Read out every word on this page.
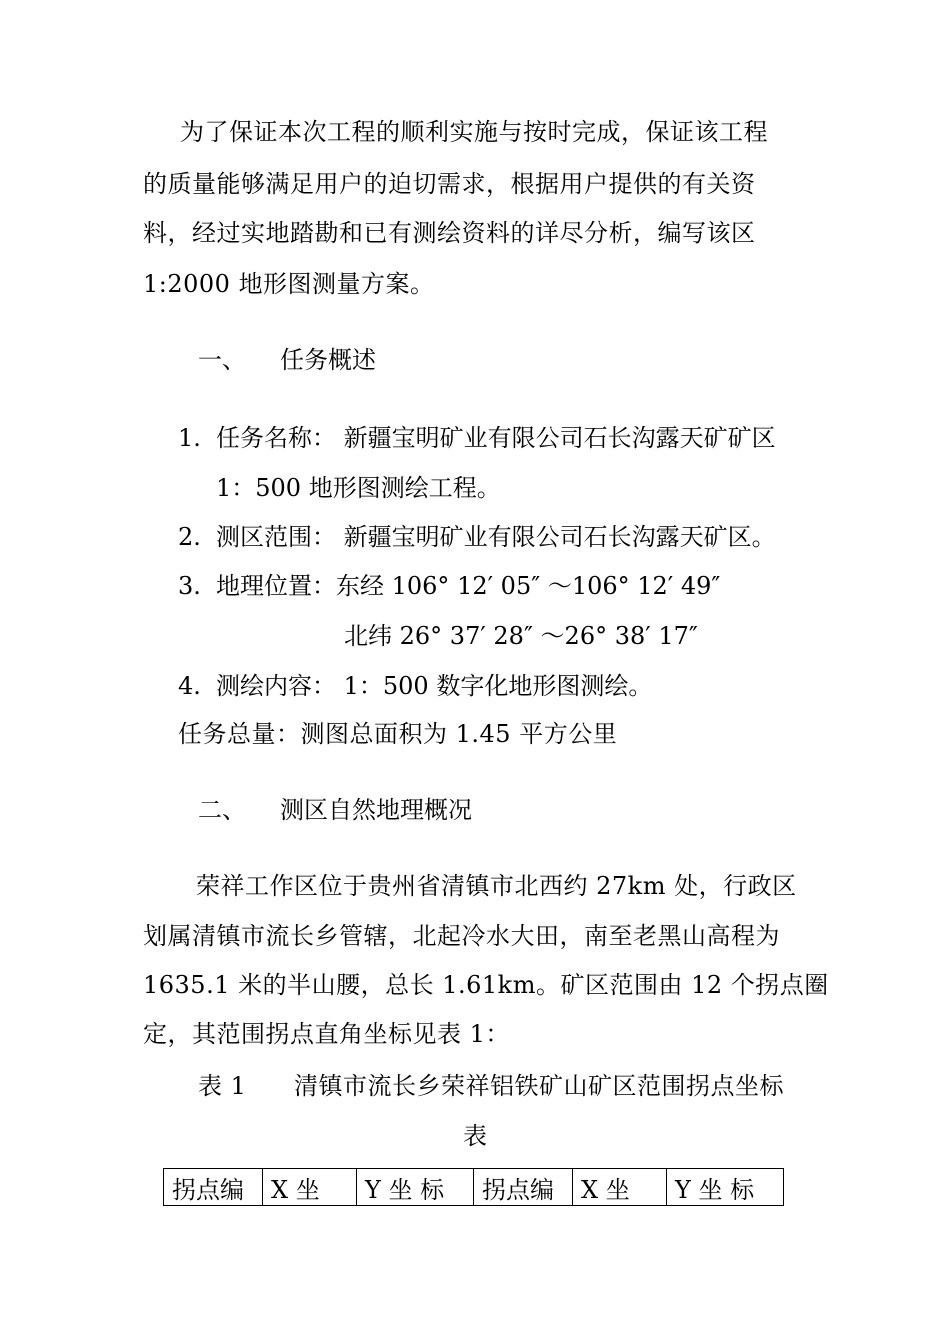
为了保证本次工程的顺利实施与按时完成，保证该工程
的质量能够满足用户的迫切需求，根据用户提供的有关资
料，经过实地踏勘和已有测绘资料的详尽分析，编写该区
1:2000 地形图测量方案。
一、 任务概述
1. 任务名称： 新疆宝明矿业有限公司石长沟露天矿矿区
1：500 地形图测绘工程。
2. 测区范围： 新疆宝明矿业有限公司石长沟露天矿区。
3. 地理位置：东经 106° 12′ 05″ ～106° 12′ 49″
北纬 26° 37′ 28″ ～26° 38′ 17″
4. 测绘内容： 1：500 数字化地形图测绘。
任务总量：测图总面积为 1.45 平方公里
二、 测区自然地理概况
荣祥工作区位于贵州省清镇市北西约 27km 处，行政区
划属清镇市流长乡管辖，北起冷水大田，南至老黑山高程为
1635.1 米的半山腰，总长 1.61km。矿区范围由 12 个拐点圈
定，其范围拐点直角坐标见表 1：
表 1 清镇市流长乡荣祥铝铁矿山矿区范围拐点坐标
表
拐点编	X 坐	Y 坐 标	拐点编	X 坐	Y 坐 标
